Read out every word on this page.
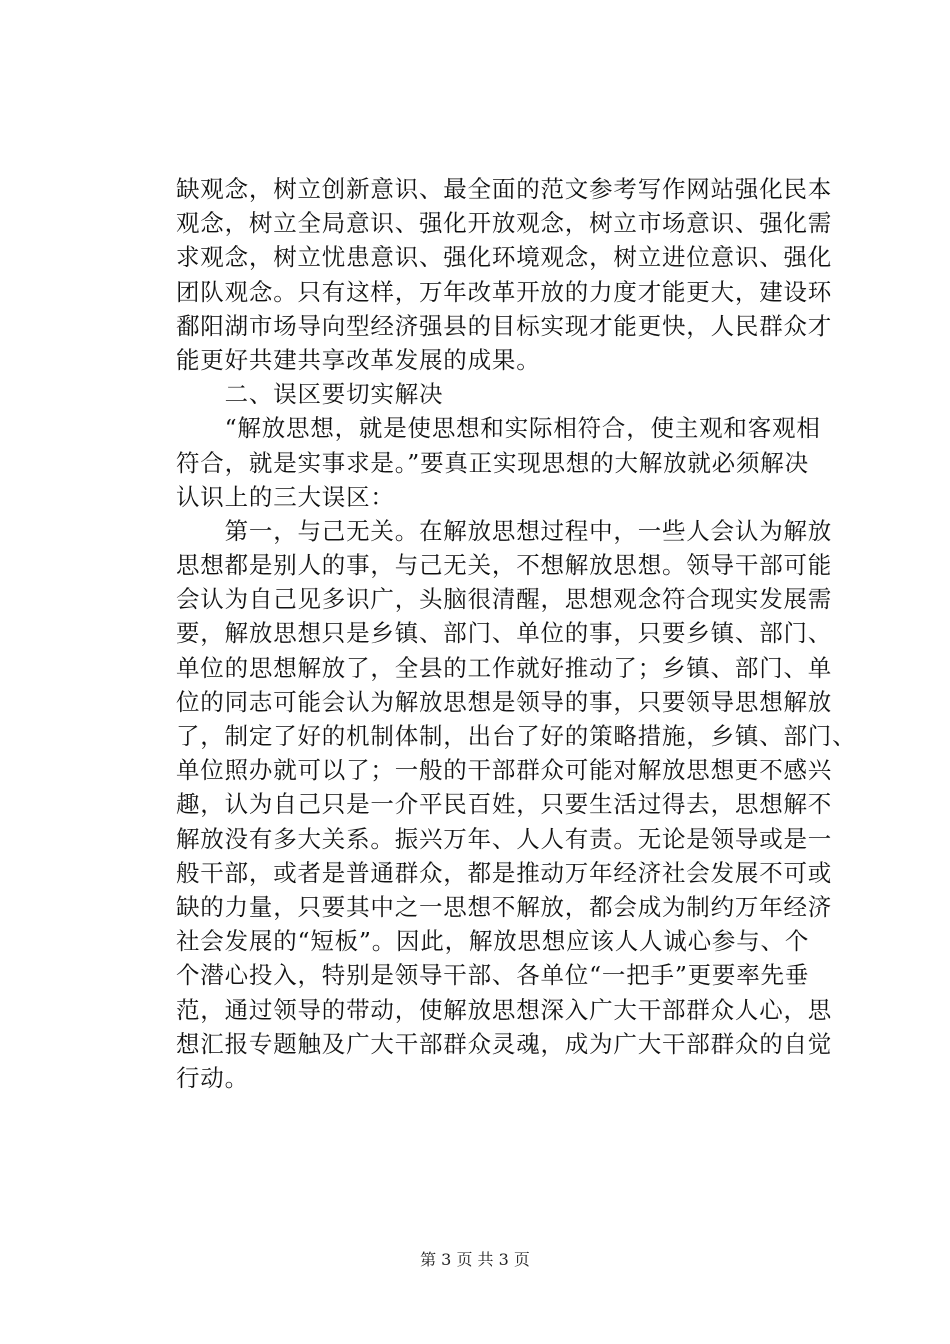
缺观念，树立创新意识、最全面的范文参考写作网站强化民本
观念，树立全局意识、强化开放观念，树立市场意识、强化需
求观念，树立忧患意识、强化环境观念，树立进位意识、强化
团队观念。只有这样，万年改革开放的力度才能更大，建设环
鄱阳湖市场导向型经济强县的目标实现才能更快，人民群众才
能更好共建共享改革发展的成果。
　　二、误区要切实解决
　　“解放思想，就是使思想和实际相符合，使主观和客观相
符合，就是实事求是。”要真正实现思想的大解放就必须解决
认识上的三大误区：
　　第一，与己无关。在解放思想过程中，一些人会认为解放
思想都是别人的事，与己无关，不想解放思想。领导干部可能
会认为自己见多识广，头脑很清醒，思想观念符合现实发展需
要，解放思想只是乡镇、部门、单位的事，只要乡镇、部门、
单位的思想解放了，全县的工作就好推动了；乡镇、部门、单
位的同志可能会认为解放思想是领导的事，只要领导思想解放
了，制定了好的机制体制，出台了好的策略措施，乡镇、部门、
单位照办就可以了；一般的干部群众可能对解放思想更不感兴
趣，认为自己只是一介平民百姓，只要生活过得去，思想解不
解放没有多大关系。振兴万年、人人有责。无论是领导或是一
般干部，或者是普通群众，都是推动万年经济社会发展不可或
缺的力量，只要其中之一思想不解放，都会成为制约万年经济
社会发展的“短板”。因此，解放思想应该人人诚心参与、个
个潜心投入，特别是领导干部、各单位“一把手”更要率先垂
范，通过领导的带动，使解放思想深入广大干部群众人心，思
想汇报专题触及广大干部群众灵魂，成为广大干部群众的自觉
行动。
第 3 页 共 3 页
